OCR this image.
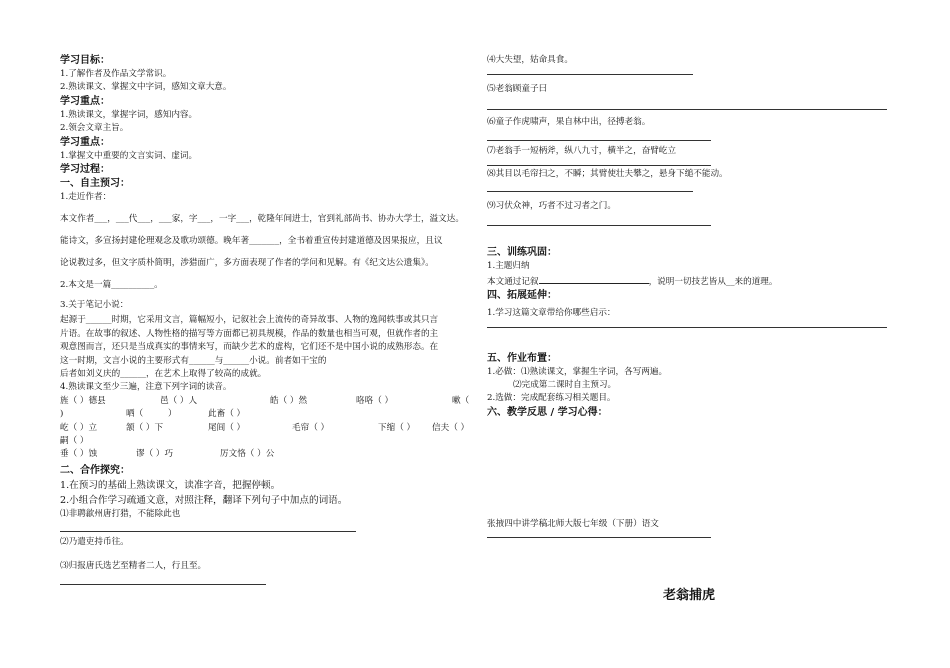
学习目标：
1.了解作者及作品文学常识。
2.熟读课文、掌握文中字词，感知文章大意。
学习重点：
1.熟读课文，掌握字词，感知内容。
2.领会文章主旨。
学习重点：
1.掌握文中重要的文言实词、虚词。
学习过程：
一、自主预习：
1.走近作者：
本文作者___，___代___，___家，字___，一字___，乾隆年间进士，官到礼部尚书、协办大学士，溢文达。
能诗文，多宣扬封建伦理观念及歌功颂德。晚年著_______，全书着重宣传封建道德及因果报应，且议
论说教过多，但文字质朴简明，涉猎面广，多方面表现了作者的学问和见解。有《纪文达公遗集》。
2.本文是一篇__________。
3.关于笔记小说：
起源于______时期，它采用文言，篇幅短小，记叙社会上流传的奇异故事、人物的逸闻轶事或其只言
片语。在故事的叙述、人物性格的描写等方面都已初具规模，作品的数量也相当可观，但就作者的主
观意图而言，还只是当成真实的事情来写，而缺少艺术的虚构，它们还不是中国小说的成熟形态。在
这一时期，文言小说的主要形式有______与______小说。前者如干宝的
后者如刘义庆的______，在艺术上取得了较高的成就。
4.熟读课文至少三遍，注意下列字词的读音。
旌（ ）德县	邑（ ）人	皓（ ）然	咯咯（ ）	嗽（
)	哂（	）	此畜（ ）
屹（ ）立	颔（ ）下	尾闾（ ）	毛帘（ ）	下缩（ ） 信夫（ ）
嗣（ ）
垂（ ）蚀	谬（ ）巧	厉文恪（ ）公
二、合作探究：
1.在预习的基础上熟读课文，读准字音，把握停顿。
2.小组合作学习疏通文意，对照注释，翻译下列句子中加点的词语。
⑴非聘歙州唐打猎，不能除此也
⑵乃遣吏持币往。
⑶归报唐氏选艺至精者二人，行且至。
⑷大失望，姑命具食。
⑸老翁顾童子曰
⑹童子作虎啸声，果自林中出，径搏老翁。
⑺老翁手一短柄斧，纵八九寸，横半之，奋臂屹立
⑻其目以毛帘扫之，不瞬；其臂使壮夫攀之，悬身下缒不能动。
⑼习伏众神，巧者不过习者之门。
三、训练巩固：
1.主题归纳
本文通过记叙	，说明一切技艺皆从__来的道理。
四、拓展延伸：
1.学习这篇文章带给你哪些启示：
五、作业布置：
1.必做：⑴熟读课文，掌握生字词，各写两遍。
⑵完成第二课时自主预习。
2.选做：完成配套练习相关题目。
六、教学反思 / 学习心得：
张掖四中讲学稿北师大版七年级（下册）语文
老翁捕虎
